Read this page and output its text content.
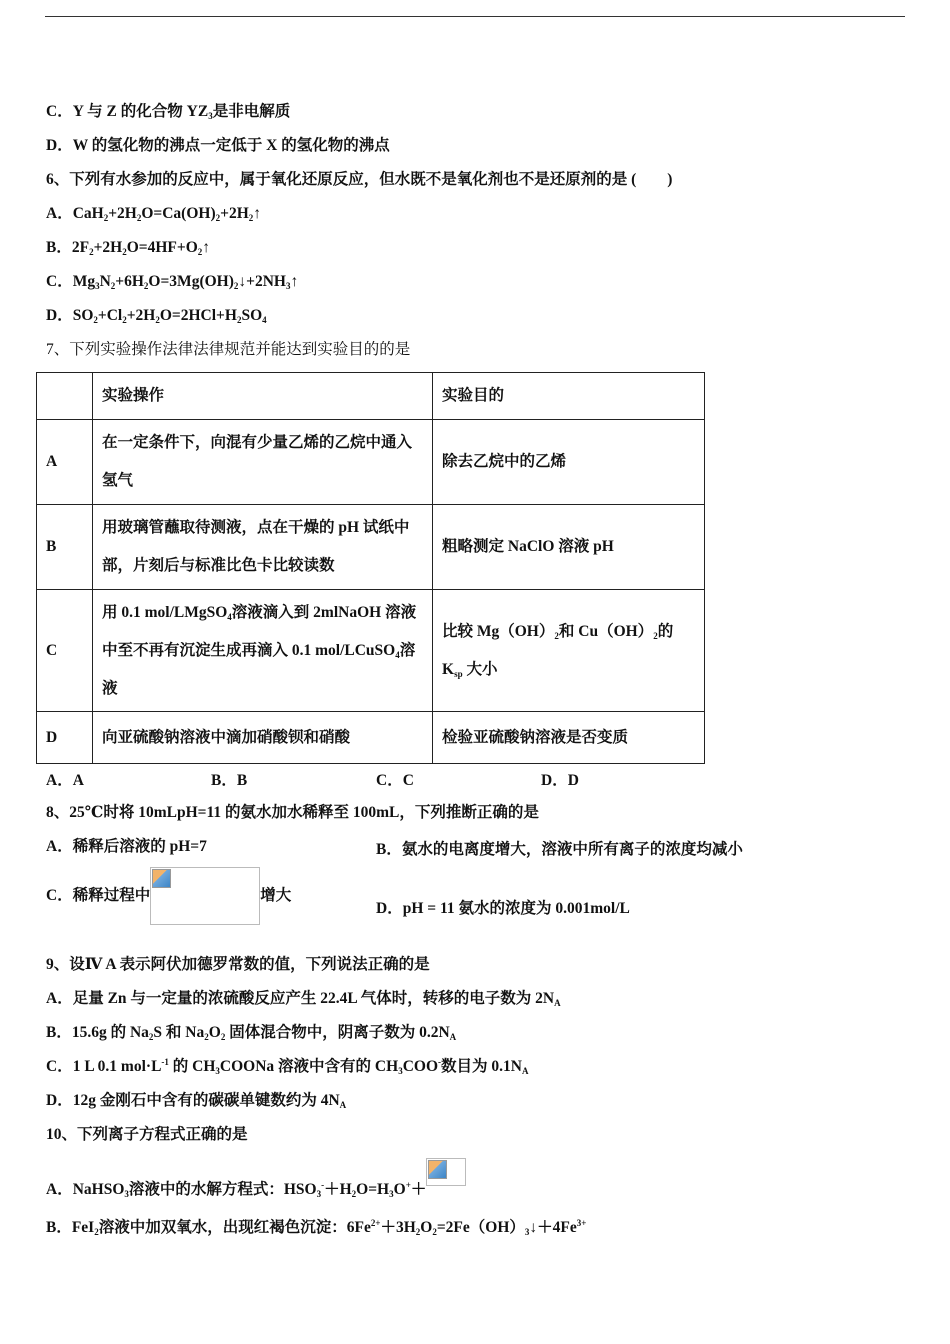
C．Y 与 Z 的化合物 $YZ_3$是非电解质
D．W 的氢化物的沸点一定低于 X 的氢化物的沸点
6、下列有水参加的反应中，属于氧化还原反应，但水既不是氧化剂也不是还原剂的是 (　　)
A．$CaH_2+2H_2O=Ca(OH)_2+2H_2↑$
B．$2F_2+2H_2O=4HF+O_2↑$
C．$Mg_3N_2+6H_2O=3Mg(OH)_2↓+2NH_3↑$
D．$SO_2+Cl_2+2H_2O=2HCl+H_2SO_4$
7、下列实验操作法律法律规范并能达到实验目的的是
	实验操作	实验目的
A	在一定条件下，向混有少量乙烯的乙烷中通入氢气	除去乙烷中的乙烯
B	用玻璃管蘸取待测液，点在干燥的 pH 试纸中部，片刻后与标准比色卡比较读数	粗略测定 NaClO 溶液 pH
C	用 0.1 mol/LMgSO$_4$溶液滴入到 2mlNaOH 溶液中至不再有沉淀生成再滴入 0.1 mol/LCuSO$_4$溶液	比较 $Mg(OH)_2$和 $Cu(OH)_2$的 $K_{sp}$ 大小
D	向亚硫酸钠溶液中滴加硝酸钡和硝酸	检验亚硫酸钠溶液是否变质
A．A	B．B	C．C	D．D
8、25℃时将 10mLpH=11 的氨水加水稀释至 100mL，下列推断正确的是
A．稀释后溶液的 pH=7	B．氨水的电离度增大，溶液中所有离子的浓度均减小
C．稀释过程中	增大
D．pH = 11 氨水的浓度为 0.001mol/L
9、设Ⅳ A 表示阿伏加德罗常数的值，下列说法正确的是
A．足量 Zn 与一定量的浓硫酸反应产生 22.4L 气体时，转移的电子数为 $2N_A$
B．15.6g 的 $Na_2S$ 和 $Na_2O_2$ 固体混合物中，阴离子数为 $0.2N_A$
C．1 L 0.1 $mol\cdot L^{-1}$ 的 $CH_3COONa$ 溶液中含有的 $CH_3COO^-$数目为 $0.1N_A$
D．12g 金刚石中含有的碳碳单键数约为 $4N_A$
10、下列离子方程式正确的是
A．NaHSO$_3$溶液中的水解方程式：$HSO_3^-+H_2O=H_3O^++$
B．FeI$_2$溶液中加双氧水，出现红褐色沉淀：$6Fe^{2+}+3H_2O_2=2Fe(OH)_3↓+4Fe^{3+}$
